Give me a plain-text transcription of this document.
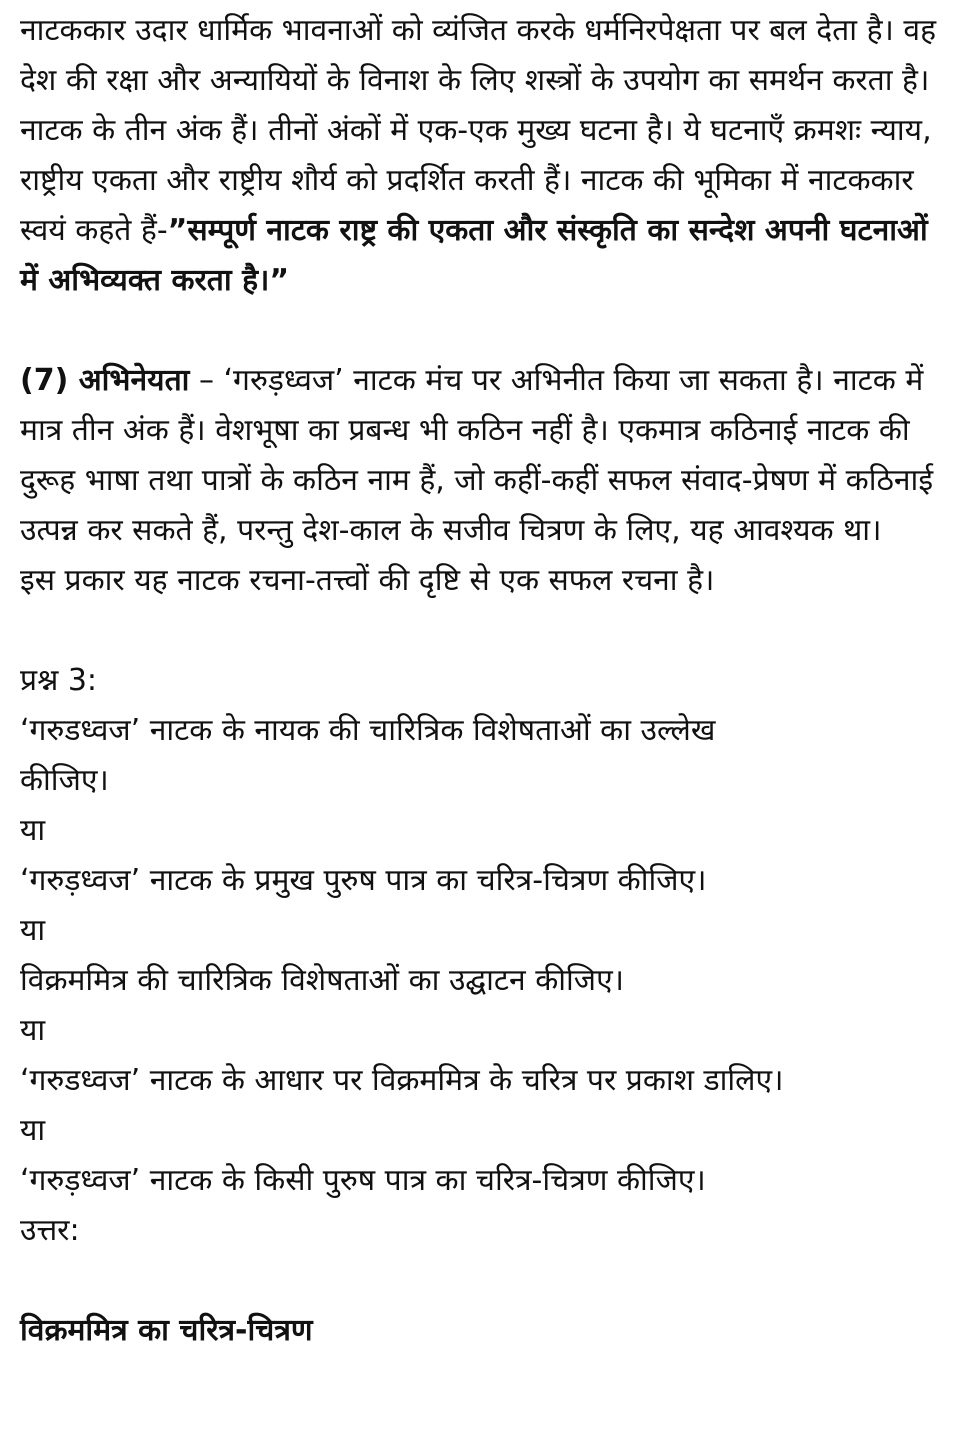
नाटककार उदार धार्मिक भावनाओं को व्यंजित करके धर्मनिरपेक्षता पर बल देता है। वह देश की रक्षा और अन्यायियों के विनाश के लिए शस्त्रों के उपयोग का समर्थन करता है। नाटक के तीन अंक हैं। तीनों अंकों में एक-एक मुख्य घटना है। ये घटनाएँ क्रमशः न्याय, राष्ट्रीय एकता और राष्ट्रीय शौर्य को प्रदर्शित करती हैं। नाटक की भूमिका में नाटककार स्वयं कहते हैं-”सम्पूर्ण नाटक राष्ट्र की एकता और संस्कृति का सन्देश अपनी घटनाओं में अभिव्यक्त करता है।”

(7) अभिनेयता – ‘गरुड़ध्वज’ नाटक मंच पर अभिनीत किया जा सकता है। नाटक में मात्र तीन अंक हैं। वेशभूषा का प्रबन्ध भी कठिन नहीं है। एकमात्र कठिनाई नाटक की दुरूह भाषा तथा पात्रों के कठिन नाम हैं, जो कहीं-कहीं सफल संवाद-प्रेषण में कठिनाई उत्पन्न कर सकते हैं, परन्तु देश-काल के सजीव चित्रण के लिए, यह आवश्यक था।

इस प्रकार यह नाटक रचना-तत्त्वों की दृष्टि से एक सफल रचना है।

प्रश्न 3:
‘गरुडध्वज’ नाटक के नायक की चारित्रिक विशेषताओं का उल्लेख
कीजिए।
या
‘गरुड़ध्वज’ नाटक के प्रमुख पुरुष पात्र का चरित्र-चित्रण कीजिए।
या
विक्रममित्र की चारित्रिक विशेषताओं का उद्घाटन कीजिए।
या
‘गरुडध्वज’ नाटक के आधार पर विक्रममित्र के चरित्र पर प्रकाश डालिए।
या
‘गरुड़ध्वज’ नाटक के किसी पुरुष पात्र का चरित्र-चित्रण कीजिए।
उत्तर:
विक्रममित्र का चरित्र-चित्रण
